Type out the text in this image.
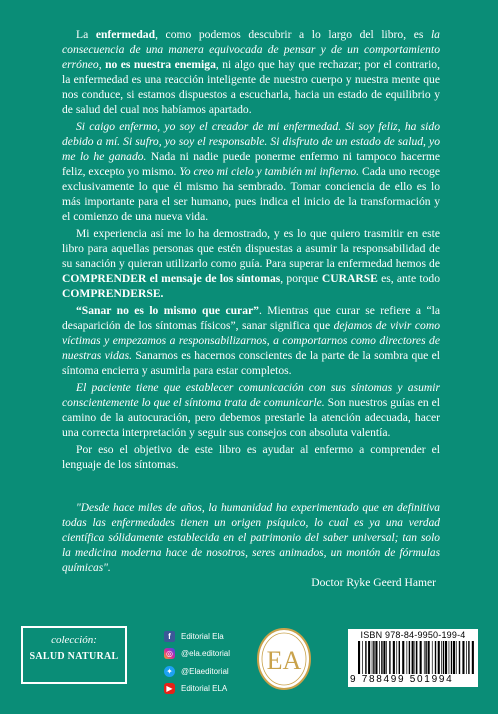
La enfermedad, como podemos descubrir a lo largo del libro, es la consecuencia de una manera equivocada de pensar y de un comportamiento erróneo, no es nuestra enemiga, ni algo que hay que rechazar; por el contrario, la enfermedad es una reacción inteligente de nuestro cuerpo y nuestra mente que nos conduce, si estamos dispuestos a escucharla, hacia un estado de equilibrio y de salud del cual nos habíamos apartado.

Si caigo enfermo, yo soy el creador de mi enfermedad. Si soy feliz, ha sido debido a mí. Si sufro, yo soy el responsable. Si disfruto de un estado de salud, yo me lo he ganado. Nada ni nadie puede ponerme enfermo ni tampoco hacerme feliz, excepto yo mismo. Yo creo mi cielo y también mi infierno. Cada uno recoge exclusivamente lo que él mismo ha sembrado. Tomar conciencia de ello es lo más importante para el ser humano, pues indica el inicio de la transformación y el comienzo de una nueva vida.

Mi experiencia así me lo ha demostrado, y es lo que quiero trasmitir en este libro para aquellas personas que estén dispuestas a asumir la responsabilidad de su sanación y quieran utilizarlo como guía. Para superar la enfermedad hemos de COMPRENDER el mensaje de los síntomas, porque CURARSE es, ante todo COMPRENDERSE.

“Sanar no es lo mismo que curar”. Mientras que curar se refiere a “la desaparición de los síntomas físicos”, sanar significa que dejamos de vivir como víctimas y empezamos a responsabilizarnos, a comportarnos como directores de nuestras vidas. Sanarnos es hacernos conscientes de la parte de la sombra que el síntoma encierra y asumirla para estar completos.

El paciente tiene que establecer comunicación con sus síntomas y asumir conscientemente lo que el síntoma trata de comunicarle. Son nuestros guías en el camino de la autocuración, pero debemos prestarle la atención adecuada, hacer una correcta interpretación y seguir sus consejos con absoluta valentía.

Por eso el objetivo de este libro es ayudar al enfermo a comprender el lenguaje de los síntomas.

"Desde hace miles de años, la humanidad ha experimentado que en definitiva todas las enfermedades tienen un origen psíquico, lo cual es ya una verdad científica sólidamente establecida en el patrimonio del saber universal; tan solo la medicina moderna hace de nosotros, seres animados, un montón de fórmulas químicas".
Doctor Ryke Geerd Hamer
colección:
SALUD NATURAL
f	Editorial Ela
◎ @ela.editorial
✦ @Elaeditorial
▶	Editorial ELA
EA
ISBN 978-84-9950-199-4
9 788499 501994
